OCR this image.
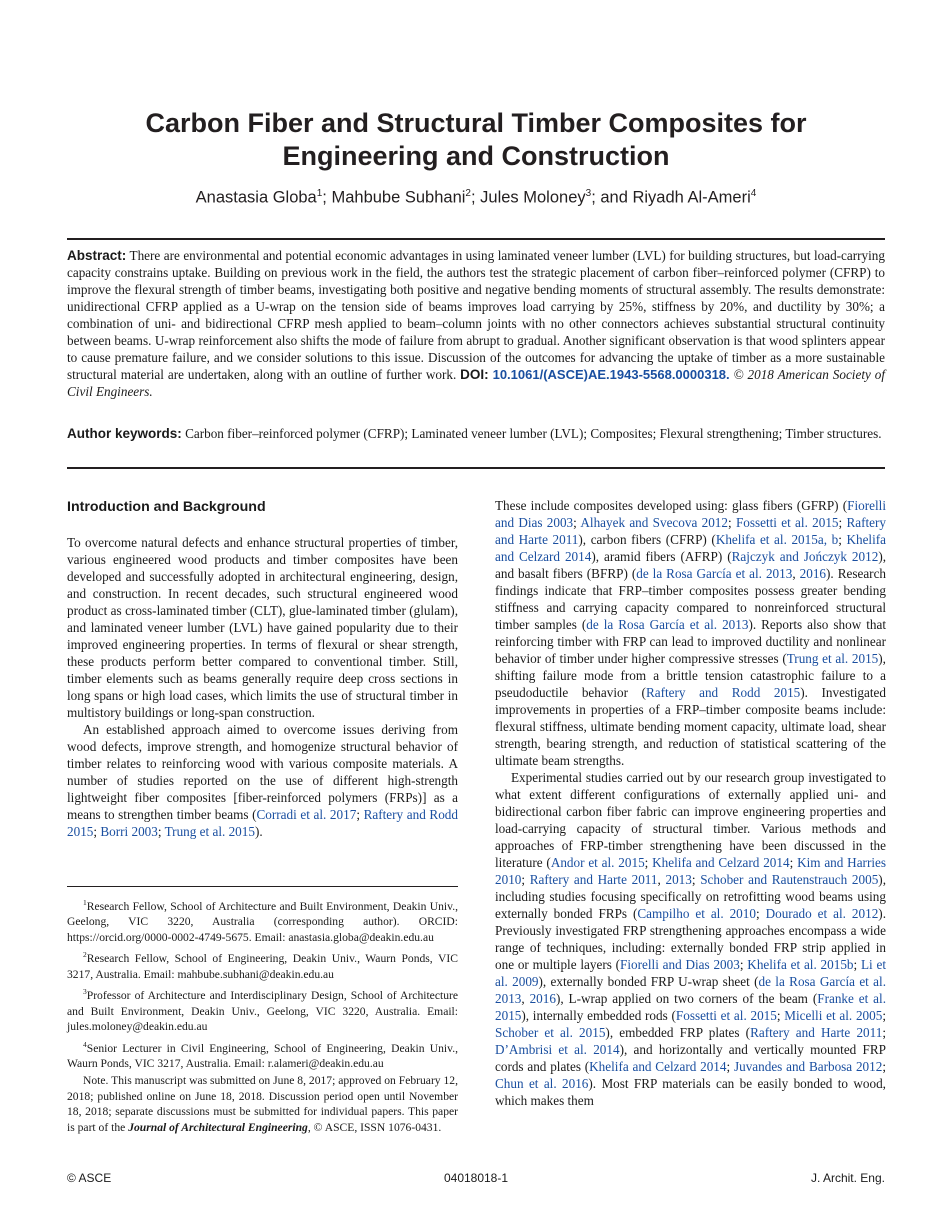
Carbon Fiber and Structural Timber Composites for
Engineering and Construction
Anastasia Globa$^1$; Mahbube Subhani$^2$; Jules Moloney$^3$; and Riyadh Al-Ameri$^4$
Abstract: There are environmental and potential economic advantages in using laminated veneer lumber (LVL) for building structures, but load-carrying capacity constrains uptake. Building on previous work in the field, the authors test the strategic placement of carbon fiber–reinforced polymer (CFRP) to improve the flexural strength of timber beams, investigating both positive and negative bending moments of structural assembly. The results demonstrate: unidirectional CFRP applied as a U-wrap on the tension side of beams improves load carrying by 25%, stiffness by 20%, and ductility by 30%; a combination of uni- and bidirectional CFRP mesh applied to beam–column joints with no other connectors achieves substantial structural continuity between beams. U-wrap reinforcement also shifts the mode of failure from abrupt to gradual. Another significant observation is that wood splinters appear to cause premature failure, and we consider solutions to this issue. Discussion of the outcomes for advancing the uptake of timber as a more sustainable structural material are undertaken, along with an outline of further work. DOI: 10.1061/(ASCE)AE.1943-5568.0000318. © 2018 American Society of Civil Engineers.
Author keywords: Carbon fiber–reinforced polymer (CFRP); Laminated veneer lumber (LVL); Composites; Flexural strengthening; Timber structures.

Introduction and Background

To overcome natural defects and enhance structural properties of timber, various engineered wood products and timber composites have been developed and successfully adopted in architectural engineering, design, and construction. In recent decades, such structural engineered wood product as cross-laminated timber (CLT), glue-laminated timber (glulam), and laminated veneer lumber (LVL) have gained popularity due to their improved engineering properties. In terms of flexural or shear strength, these products perform better compared to conventional timber. Still, timber elements such as beams generally require deep cross sections in long spans or high load cases, which limits the use of structural timber in multistory buildings or long-span construction.

An established approach aimed to overcome issues deriving from wood defects, improve strength, and homogenize structural behavior of timber relates to reinforcing wood with various composite materials. A number of studies reported on the use of different high-strength lightweight fiber composites [fiber-reinforced polymers (FRPs)] as a means to strengthen timber beams (Corradi et al. 2017; Raftery and Rodd 2015; Borri 2003; Trung et al. 2015).

$^1$Research Fellow, School of Architecture and Built Environment, Deakin Univ., Geelong, VIC 3220, Australia (corresponding author). ORCID: https://orcid.org/0000-0002-4749-5675. Email: anastasia.globa@deakin.edu.au

$^2$Research Fellow, School of Engineering, Deakin Univ., Waurn Ponds, VIC 3217, Australia. Email: mahbube.subhani@deakin.edu.au

$^3$Professor of Architecture and Interdisciplinary Design, School of Architecture and Built Environment, Deakin Univ., Geelong, VIC 3220, Australia. Email: jules.moloney@deakin.edu.au

$^4$Senior Lecturer in Civil Engineering, School of Engineering, Deakin Univ., Waurn Ponds, VIC 3217, Australia. Email: r.alameri@deakin.edu.au

Note. This manuscript was submitted on June 8, 2017; approved on February 12, 2018; published online on June 18, 2018. Discussion period open until November 18, 2018; separate discussions must be submitted for individual papers. This paper is part of the Journal of Architectural Engineering, © ASCE, ISSN 1076-0431.

These include composites developed using: glass fibers (GFRP) (Fiorelli and Dias 2003; Alhayek and Svecova 2012; Fossetti et al. 2015; Raftery and Harte 2011), carbon fibers (CFRP) (Khelifa et al. 2015a, b; Khelifa and Celzard 2014), aramid fibers (AFRP) (Rajczyk and Jończyk 2012), and basalt fibers (BFRP) (de la Rosa García et al. 2013, 2016). Research findings indicate that FRP–timber composites possess greater bending stiffness and carrying capacity compared to nonreinforced structural timber samples (de la Rosa García et al. 2013). Reports also show that reinforcing timber with FRP can lead to improved ductility and nonlinear behavior of timber under higher compressive stresses (Trung et al. 2015), shifting failure mode from a brittle tension catastrophic failure to a pseudoductile behavior (Raftery and Rodd 2015). Investigated improvements in properties of a FRP–timber composite beams include: flexural stiffness, ultimate bending moment capacity, ultimate load, shear strength, bearing strength, and reduction of statistical scattering of the ultimate beam strengths.

Experimental studies carried out by our research group investigated to what extent different configurations of externally applied uni- and bidirectional carbon fiber fabric can improve engineering properties and load-carrying capacity of structural timber. Various methods and approaches of FRP-timber strengthening have been discussed in the literature (Andor et al. 2015; Khelifa and Celzard 2014; Kim and Harries 2010; Raftery and Harte 2011, 2013; Schober and Rautenstrauch 2005), including studies focusing specifically on retrofitting wood beams using externally bonded FRPs (Campilho et al. 2010; Dourado et al. 2012). Previously investigated FRP strengthening approaches encompass a wide range of techniques, including: externally bonded FRP strip applied in one or multiple layers (Fiorelli and Dias 2003; Khelifa et al. 2015b; Li et al. 2009), externally bonded FRP U-wrap sheet (de la Rosa García et al. 2013, 2016), L-wrap applied on two corners of the beam (Franke et al. 2015), internally embedded rods (Fossetti et al. 2015; Micelli et al. 2005; Schober et al. 2015), embedded FRP plates (Raftery and Harte 2011; D’Ambrisi et al. 2014), and horizontally and vertically mounted FRP cords and plates (Khelifa and Celzard 2014; Juvandes and Barbosa 2012; Chun et al. 2016). Most FRP materials can be easily bonded to wood, which makes them

© ASCE	04018018-1	J. Archit. Eng.
